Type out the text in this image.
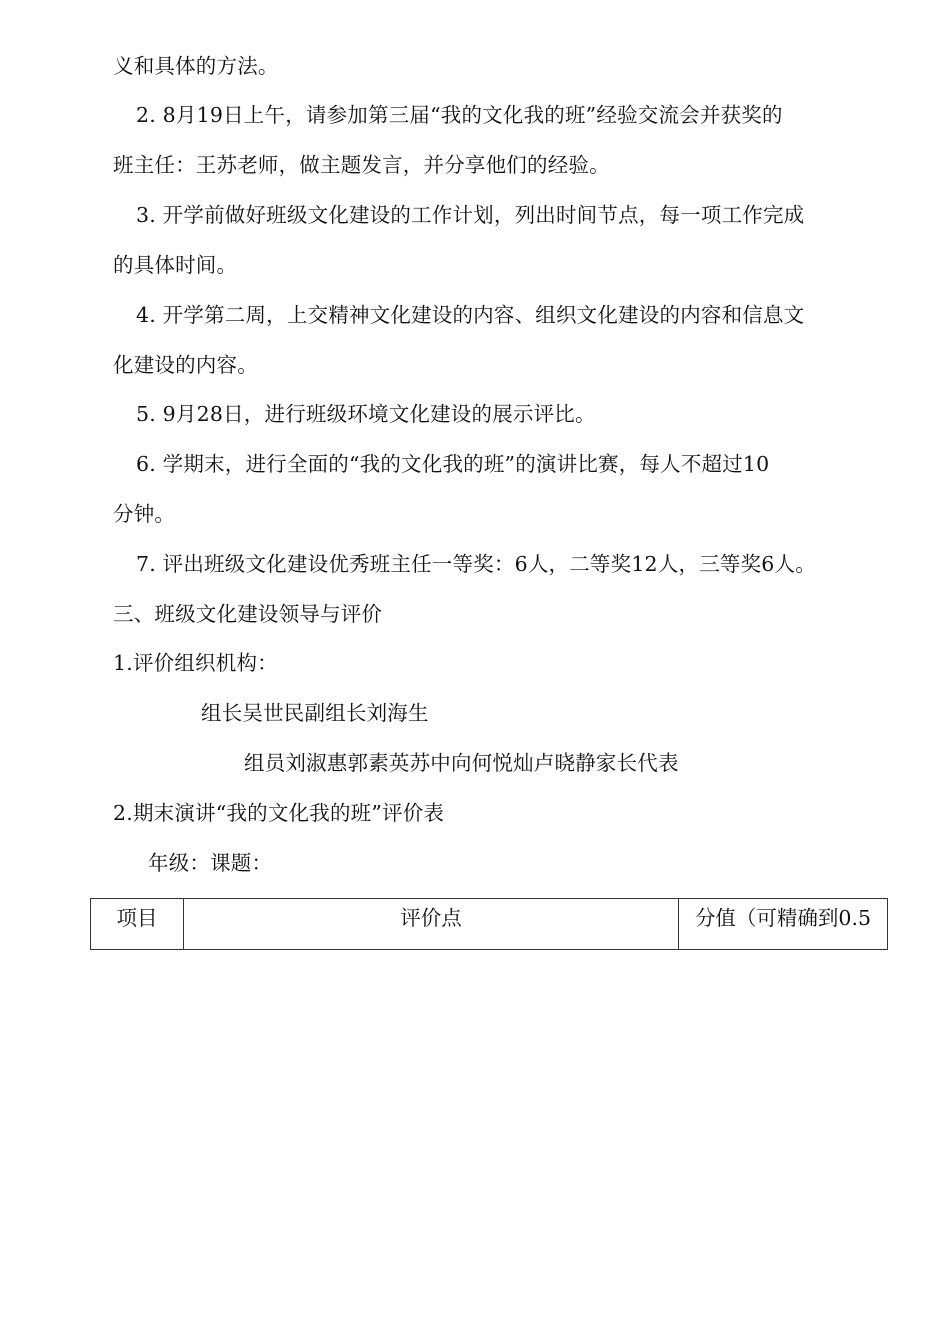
义和具体的方法。
2. 8月19日上午，请参加第三届“我的文化我的班”经验交流会并获奖的
班主任：王苏老师，做主题发言，并分享他们的经验。
3. 开学前做好班级文化建设的工作计划，列出时间节点，每一项工作完成
的具体时间。
4. 开学第二周，上交精神文化建设的内容、组织文化建设的内容和信息文
化建设的内容。
5. 9月28日，进行班级环境文化建设的展示评比。
6. 学期末，进行全面的“我的文化我的班”的演讲比赛，每人不超过10
分钟。
7. 评出班级文化建设优秀班主任一等奖：6人，二等奖12人，三等奖6人。
三、班级文化建设领导与评价
1.评价组织机构：
组长吴世民副组长刘海生
组员刘淑惠郭素英苏中向何悦灿卢晓静家长代表
2.期末演讲“我的文化我的班”评价表
年级：课题：
项目	评价点	分值（可精确到0.5
